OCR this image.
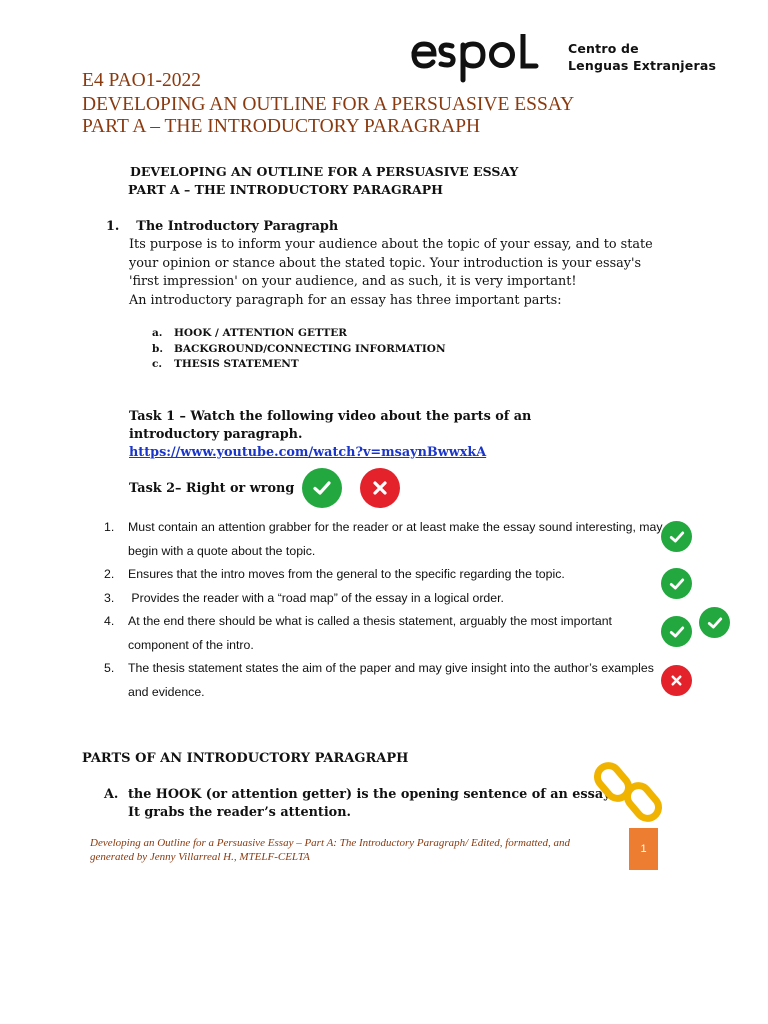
Centro de
Lenguas Extranjeras
E4 PAO1-2022
DEVELOPING AN OUTLINE FOR A PERSUASIVE ESSAY
PART A – THE INTRODUCTORY PARAGRAPH
DEVELOPING AN OUTLINE FOR A PERSUASIVE ESSAY
PART A – THE INTRODUCTORY PARAGRAPH
1. The Introductory Paragraph

Its purpose is to inform your audience about the topic of your essay, and to state your opinion or stance about the stated topic. Your introduction is your essay's 'first impression' on your audience, and as such, it is very important!

An introductory paragraph for an essay has three important parts:

a.	HOOK / ATTENTION GETTER
b.	BACKGROUND/CONNECTING INFORMATION
c.	THESIS STATEMENT
Task 1 – Watch the following video about the parts of an introductory paragraph.
https://www.youtube.com/watch?v=msaynBwwxkA
Task 2– Right or wrong
1.	Must contain an attention grabber for the reader or at least make the essay sound interesting, may begin with a quote about the topic.
2.	Ensures that the intro moves from the general to the specific regarding the topic.
3.	Provides the reader with a “road map” of the essay in a logical order.
4.	At the end there should be what is called a thesis statement, arguably the most important component of the intro.
5.	The thesis statement states the aim of the paper and may give insight into the author’s examples and evidence.
PARTS OF AN INTRODUCTORY PARAGRAPH
A. the HOOK (or attention getter) is the opening sentence of an essay.
It grabs the reader’s attention.
Developing an Outline for a Persuasive Essay – Part A: The Introductory Paragraph/ Edited, formatted, and generated by Jenny Villarreal H., MTELF-CELTA
1
